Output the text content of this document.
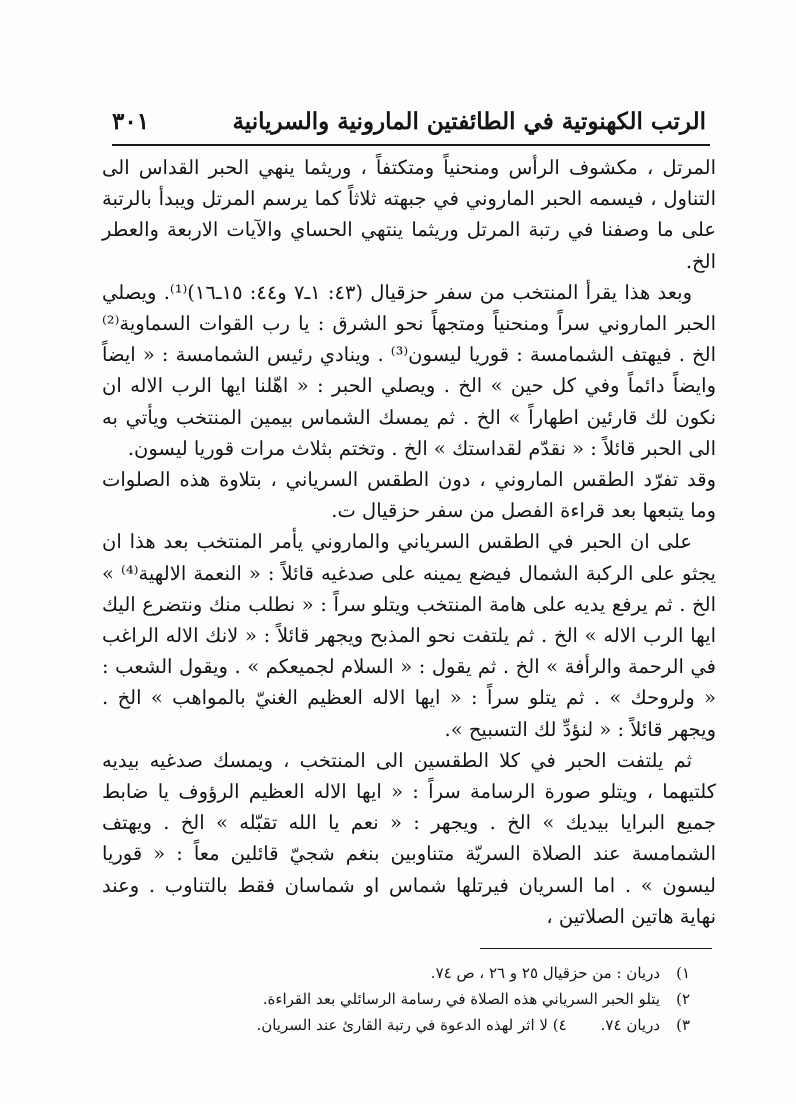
الرتب الكهنوتية في الطائفتين المارونية والسريانية
٣٠١

المرتل ، مكشوف الرأس ومنحنياً ومتكتفاً ، وريثما ينهي الحبر القداس الى التناول ، فيسمه الحبر الماروني في جبهته ثلاثاً كما يرسم المرتل ويبدأ بالرتبة على ما وصفنا في رتبة المرتل وريثما ينتهي الحساي والآيات الاربعة والعطر الخ.

وبعد هذا يقرأ المنتخب من سفر حزقيال (٤٣: ١ـ٧ و٤٤: ١٥ـ١٦)⁽¹⁾. ويصلي الحبر الماروني سراً ومنحنياً ومتجهاً نحو الشرق : يا رب القوات السماوية⁽²⁾ الخ . فيهتف الشمامسة : قوريا ليسون⁽³⁾ . وينادي رئيس الشمامسة : « ايضاً وايضاً دائماً وفي كل حين » الخ . ويصلي الحبر : « اهّلنا ايها الرب الاله ان نكون لك قارئين اطهاراً » الخ . ثم يمسك الشماس بيمين المنتخب ويأتي به الى الحبر قائلاً : « نقدّم لقداستك » الخ . وتختم بثلاث مرات قوريا ليسون.

وقد تفرّد الطقس الماروني ، دون الطقس السرياني ، بتلاوة هذه الصلوات وما يتبعها بعد قراءة الفصل من سفر حزقيال ت.

على ان الحبر في الطقس السرياني والماروني يأمر المنتخب بعد هذا ان يجثو على الركبة الشمال فيضع يمينه على صدغيه قائلاً : « النعمة الالهية⁽⁴⁾ » الخ . ثم يرفع يديه على هامة المنتخب ويتلو سراً : « نطلب منك ونتضرع اليك ايها الرب الاله » الخ . ثم يلتفت نحو المذبح ويجهر قائلاً : « لانك الاله الراغب في الرحمة والرأفة » الخ . ثم يقول : « السلام لجميعكم » . ويقول الشعب : « ولروحك » . ثم يتلو سراً : « ايها الاله العظيم الغنيّ بالمواهب » الخ . ويجهر قائلاً : « لنؤدِّ لك التسبيح ».

ثم يلتفت الحبر في كلا الطقسين الى المنتخب ، ويمسك صدغيه بيديه كلتيهما ، ويتلو صورة الرسامة سراً : « ايها الاله العظيم الرؤوف يا ضابط جميع البرايا بيديك » الخ . ويجهر : « نعم يا الله تقبّله » الخ . ويهتف الشمامسة عند الصلاة السريّة متناوبين بنغم شجيّ قائلين معاً : « قوريا ليسون » . اما السريان فيرتلها شماس او شماسان فقط بالتناوب . وعند نهاية هاتين الصلاتين ،

١)
دريان : من حزقيال ٢٥ و ٢٦ ، ص ٧٤.
٢)
يتلو الحبر السرياني هذه الصلاة في رسامة الرسائلي بعد القراءة.
٣)
دريان ٧٤.
٤) لا اثر لهذه الدعوة في رتبة القارئ عند السريان.
